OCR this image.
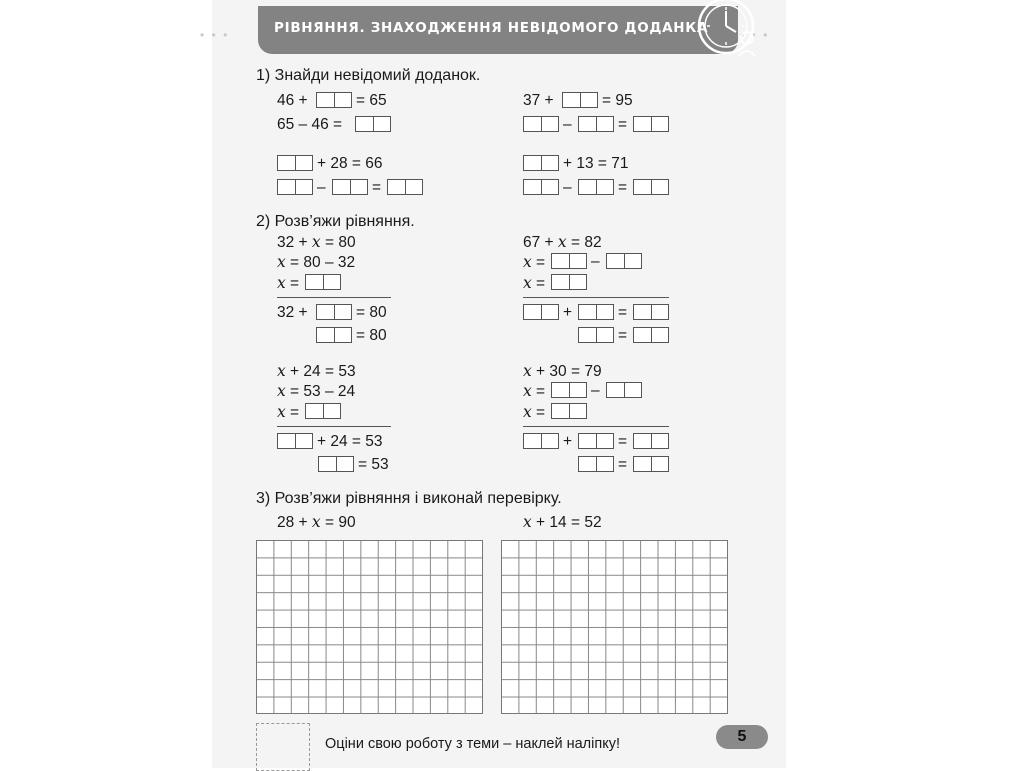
• • •	• • •
РІВНЯННЯ. ЗНАХОДЖЕННЯ НЕВІДОМОГО ДОДАНКА
1) Знайди невідомий доданок.
46 +	= 65
65 – 46 =
37 +	= 95
–	=
+ 28 = 66
–	=
+ 13 = 71
–	=
2) Розв’яжи рівняння.
32 + x = 80
x = 80 – 32
x =
32 +	= 80
= 80
67 + x = 82
x =	–
x =
+	=
=
x + 24 = 53
x = 53 – 24
x =
+ 24 = 53
= 53
x + 30 = 79
x =	–
x =
+	=
=
3) Розв’яжи рівняння і виконай перевірку.
28 + x = 90	x + 14 = 52
Оціни свою роботу з теми – наклей наліпку!	5
